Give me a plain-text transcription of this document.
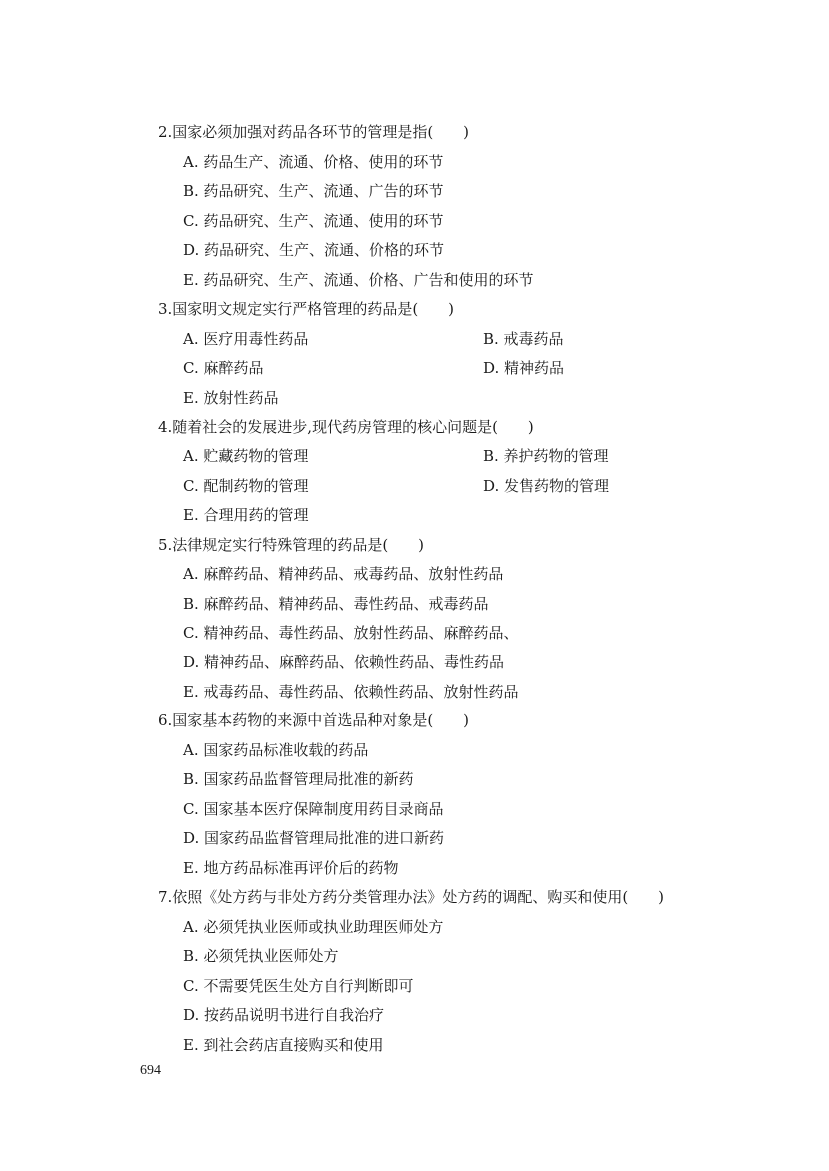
2.国家必须加强对药品各环节的管理是指(　　)
A. 药品生产、流通、价格、使用的环节
B. 药品研究、生产、流通、广告的环节
C. 药品研究、生产、流通、使用的环节
D. 药品研究、生产、流通、价格的环节
E. 药品研究、生产、流通、价格、广告和使用的环节
3.国家明文规定实行严格管理的药品是(　　)
A. 医疗用毒性药品	B. 戒毒药品
C. 麻醉药品	D. 精神药品
E. 放射性药品
4.随着社会的发展进步,现代药房管理的核心问题是(　　)
A. 贮藏药物的管理	B. 养护药物的管理
C. 配制药物的管理	D. 发售药物的管理
E. 合理用药的管理
5.法律规定实行特殊管理的药品是(　　)
A. 麻醉药品、精神药品、戒毒药品、放射性药品
B. 麻醉药品、精神药品、毒性药品、戒毒药品
C. 精神药品、毒性药品、放射性药品、麻醉药品、
D. 精神药品、麻醉药品、依赖性药品、毒性药品
E. 戒毒药品、毒性药品、依赖性药品、放射性药品
6.国家基本药物的来源中首选品种对象是(　　)
A. 国家药品标准收载的药品
B. 国家药品监督管理局批准的新药
C. 国家基本医疗保障制度用药目录商品
D. 国家药品监督管理局批准的进口新药
E. 地方药品标准再评价后的药物
7.依照《处方药与非处方药分类管理办法》处方药的调配、购买和使用(　　)
A. 必须凭执业医师或执业助理医师处方
B. 必须凭执业医师处方
C. 不需要凭医生处方自行判断即可
D. 按药品说明书进行自我治疗
E. 到社会药店直接购买和使用
694
